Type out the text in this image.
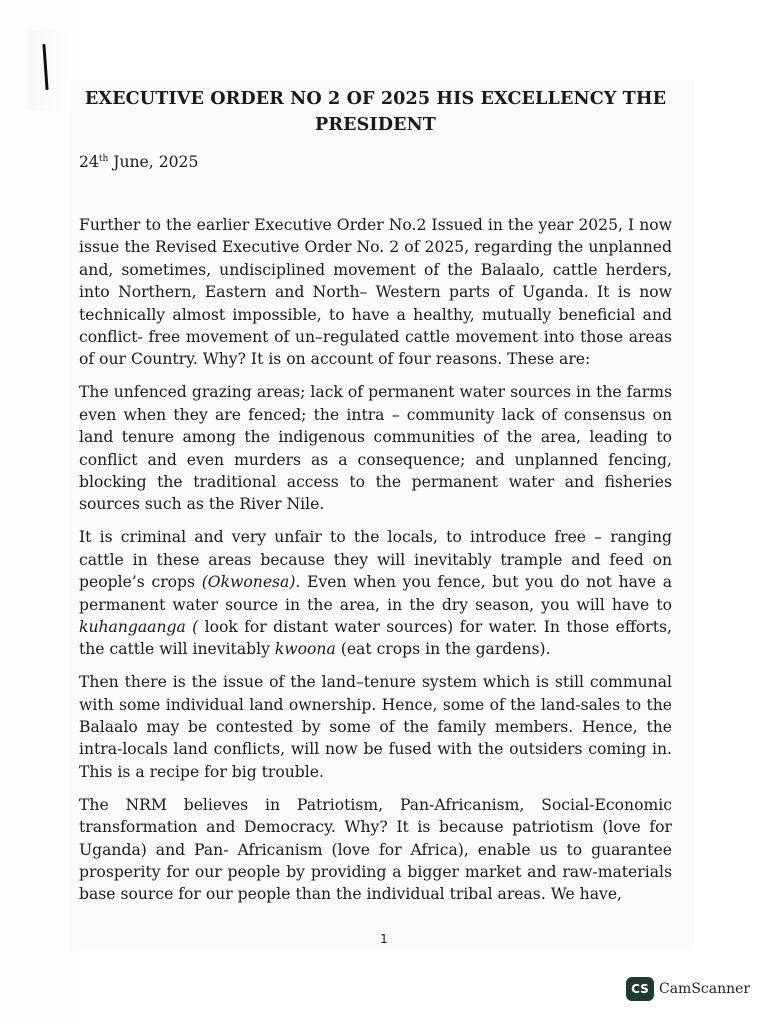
EXECUTIVE ORDER NO 2 OF 2025 HIS EXCELLENCY THE PRESIDENT
24th June, 2025

Further to the earlier Executive Order No.2 Issued in the year 2025, I now issue the Revised Executive Order No. 2 of 2025, regarding the unplanned and, sometimes, undisciplined movement of the Balaalo, cattle herders, into Northern, Eastern and North– Western parts of Uganda. It is now technically almost impossible, to have a healthy, mutually beneficial and conflict- free movement of un–regulated cattle movement into those areas of our Country. Why? It is on account of four reasons. These are:

The unfenced grazing areas; lack of permanent water sources in the farms even when they are fenced; the intra – community lack of consensus on land tenure among the indigenous communities of the area, leading to conflict and even murders as a consequence; and unplanned fencing, blocking the traditional access to the permanent water and fisheries sources such as the River Nile.

It is criminal and very unfair to the locals, to introduce free – ranging cattle in these areas because they will inevitably trample and feed on people’s crops (Okwonesa). Even when you fence, but you do not have a permanent water source in the area, in the dry season, you will have to kuhangaanga ( look for distant water sources) for water. In those efforts, the cattle will inevitably kwoona (eat crops in the gardens).

Then there is the issue of the land–tenure system which is still communal with some individual land ownership. Hence, some of the land-sales to the Balaalo may be contested by some of the family members. Hence, the intra-locals land conflicts, will now be fused with the outsiders coming in. This is a recipe for big trouble.

The NRM believes in Patriotism, Pan-Africanism, Social-Economic transformation and Democracy. Why? It is because patriotism (love for Uganda) and Pan- Africanism (love for Africa), enable us to guarantee prosperity for our people by providing a bigger market and raw-materials base source for our people than the individual tribal areas. We have,

1
CS CamScanner
